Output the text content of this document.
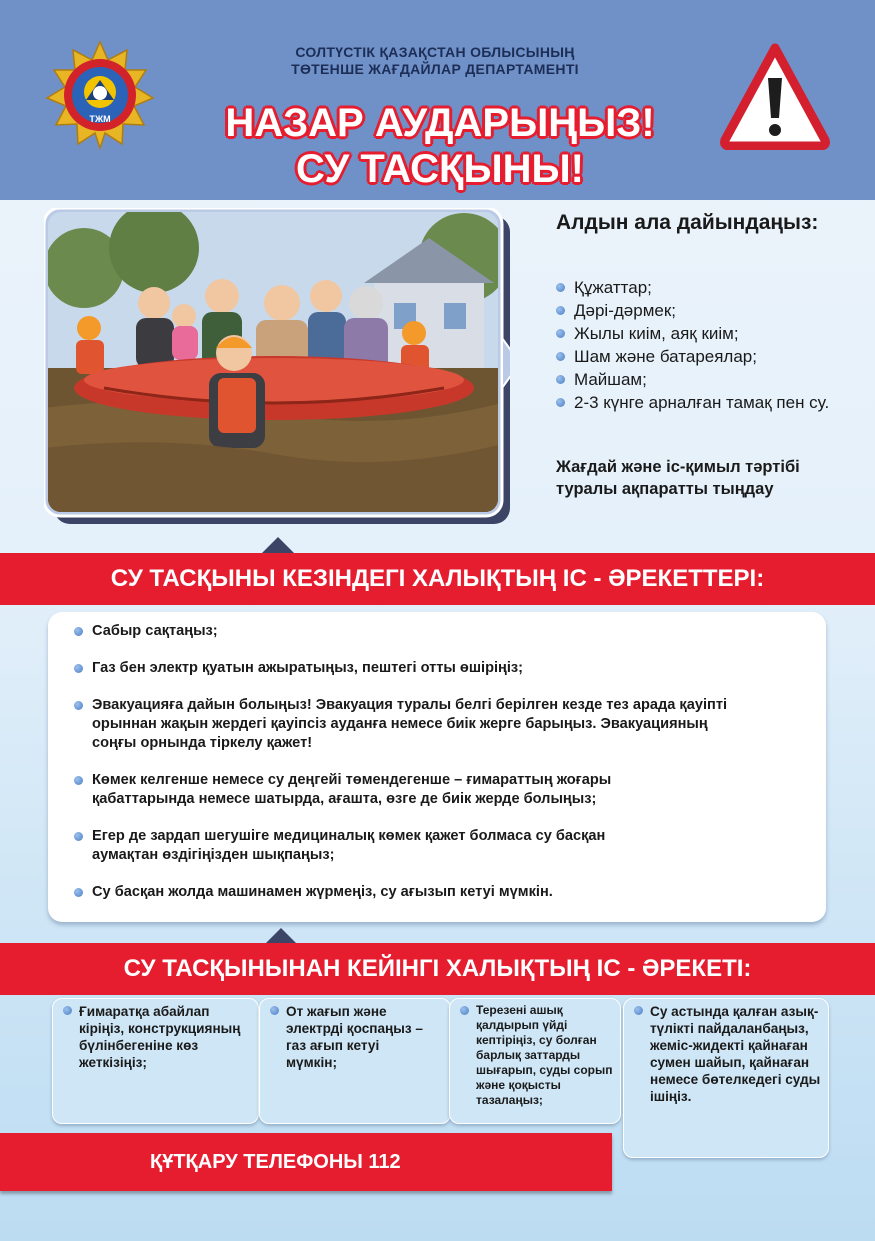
ТЖМ
СОЛТҮСТІК ҚАЗАҚСТАН ОБЛЫСЫНЫҢ
ТӨТЕНШЕ ЖАҒДАЙЛАР ДЕПАРТАМЕНТІ
НАЗАР АУДАРЫҢЫЗ!
СУ ТАСҚЫНЫ!
Алдын ала дайындаңыз:
Құжаттар;
Дәрі-дәрмек;
Жылы киім, аяқ киім;
Шам және батареялар;
Майшам;
2-3 күнге арналған тамақ пен су.
Жағдай және іс-қимыл тәртібі туралы ақпаратты тыңдау
СУ ТАСҚЫНЫ КЕЗІНДЕГІ ХАЛЫҚТЫҢ ІС - ӘРЕКЕТТЕРІ:
Сабыр сақтаңыз;
Газ бен электр қуатын ажыратыңыз, пештегі отты өшіріңіз;
Эвакуацияға дайын болыңыз! Эвакуация туралы белгі берілген кезде тез арада қауіпті орыннан жақын жердегі қауіпсіз ауданға немесе биік жерге барыңыз. Эвакуацияның соңғы орнында тіркелу қажет!
Көмек келгенше немесе су деңгейі төмендегенше – ғимараттың жоғары қабаттарында немесе шатырда, ағашта, өзге де биік жерде болыңыз;
Егер де зардап шегушіге медициналық көмек қажет болмаса су басқан аумақтан өздігіңізден шықпаңыз;
Су басқан жолда машинамен жүрмеңіз, су ағызып кетуі мүмкін.
СУ ТАСҚЫНЫНАН КЕЙІНГІ ХАЛЫҚТЫҢ ІС - ӘРЕКЕТІ:
Ғимаратқа абайлап кіріңіз, конструкцияның бүлінбегеніне көз жеткізіңіз;
От жағып және электрді қоспаңыз – газ ағып кетуі мүмкін;
Терезені ашық қалдырып үйді кептіріңіз, су болған барлық заттарды шығарып, суды сорып және қоқысты тазалаңыз;
Су астында қалған азық-түлікті пайдаланбаңыз, жеміс-жидекті қайнаған сумен шайып, қайнаған немесе бөтелкедегі суды ішіңіз.
ҚҰТҚАРУ ТЕЛЕФОНЫ 112
